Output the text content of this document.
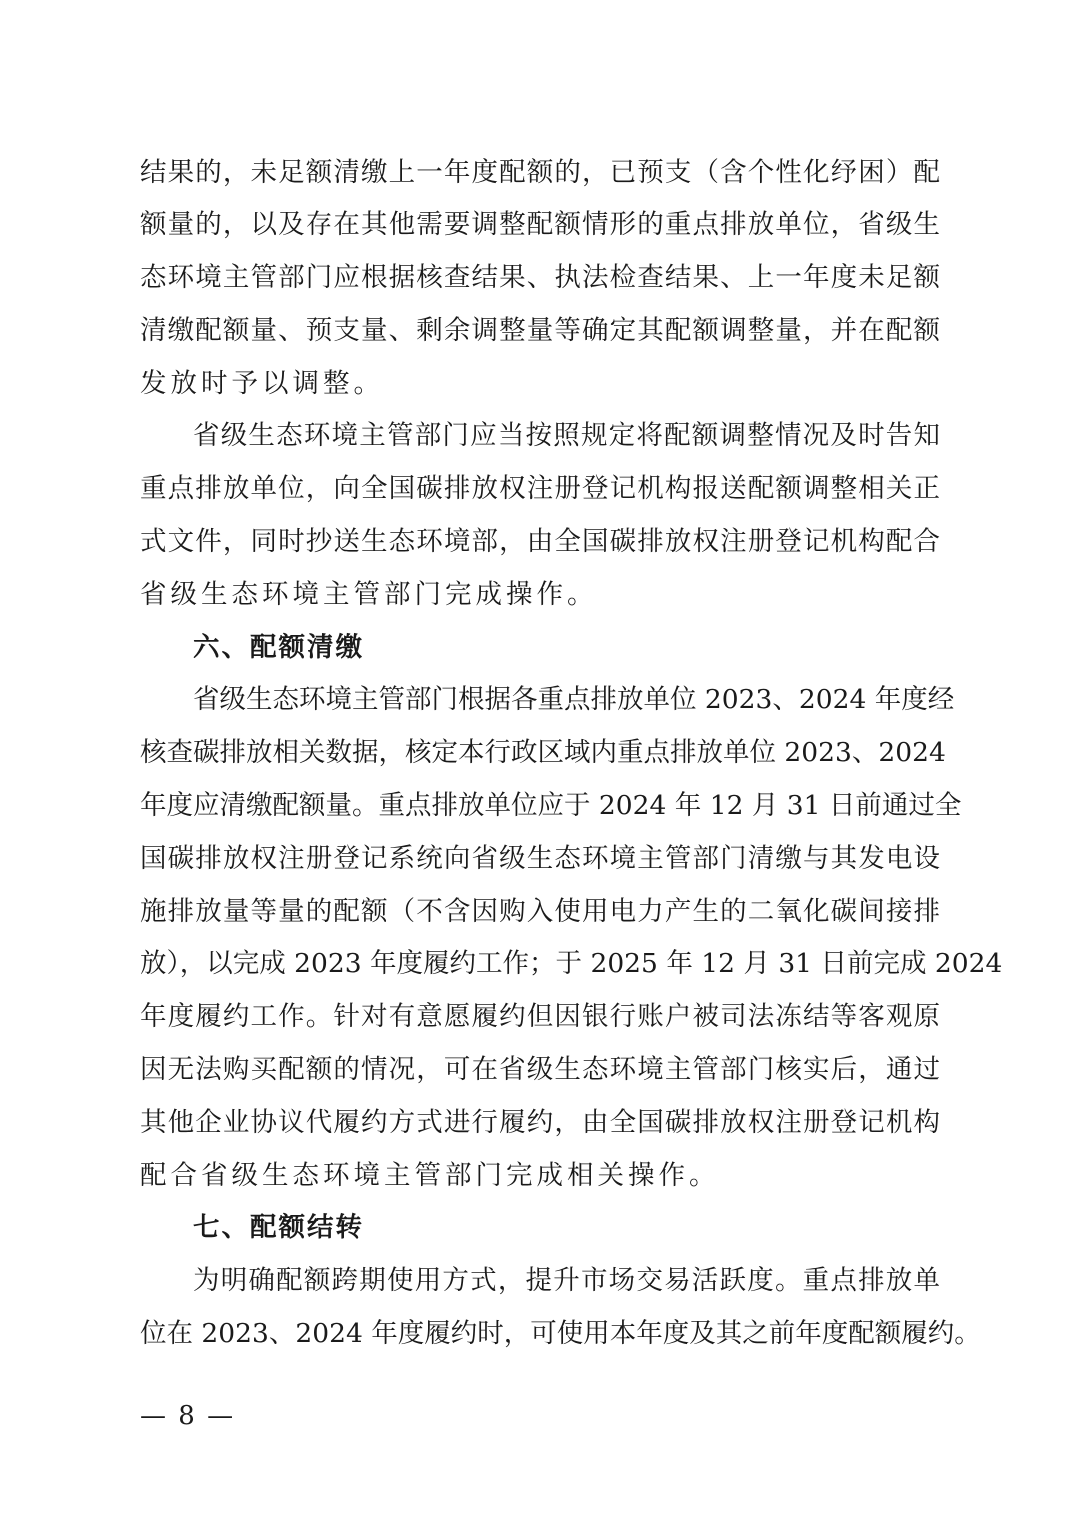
结果的，未足额清缴上一年度配额的，已预支（含个性化纾困）配
额量的，以及存在其他需要调整配额情形的重点排放单位，省级生
态环境主管部门应根据核查结果、执法检查结果、上一年度未足额
清缴配额量、预支量、剩余调整量等确定其配额调整量，并在配额
发放时予以调整。
省级生态环境主管部门应当按照规定将配额调整情况及时告知
重点排放单位，向全国碳排放权注册登记机构报送配额调整相关正
式文件，同时抄送生态环境部，由全国碳排放权注册登记机构配合
省级生态环境主管部门完成操作。
六、配额清缴
省级生态环境主管部门根据各重点排放单位 2023、2024 年度经
核查碳排放相关数据，核定本行政区域内重点排放单位 2023、2024
年度应清缴配额量。重点排放单位应于 2024 年 12 月 31 日前通过全
国碳排放权注册登记系统向省级生态环境主管部门清缴与其发电设
施排放量等量的配额（不含因购入使用电力产生的二氧化碳间接排
放），以完成 2023 年度履约工作；于 2025 年 12 月 31 日前完成 2024
年度履约工作。针对有意愿履约但因银行账户被司法冻结等客观原
因无法购买配额的情况，可在省级生态环境主管部门核实后，通过
其他企业协议代履约方式进行履约，由全国碳排放权注册登记机构
配合省级生态环境主管部门完成相关操作。
七、配额结转
为明确配额跨期使用方式，提升市场交易活跃度。重点排放单
位在 2023、2024 年度履约时，可使用本年度及其之前年度配额履约。
— 8 —
